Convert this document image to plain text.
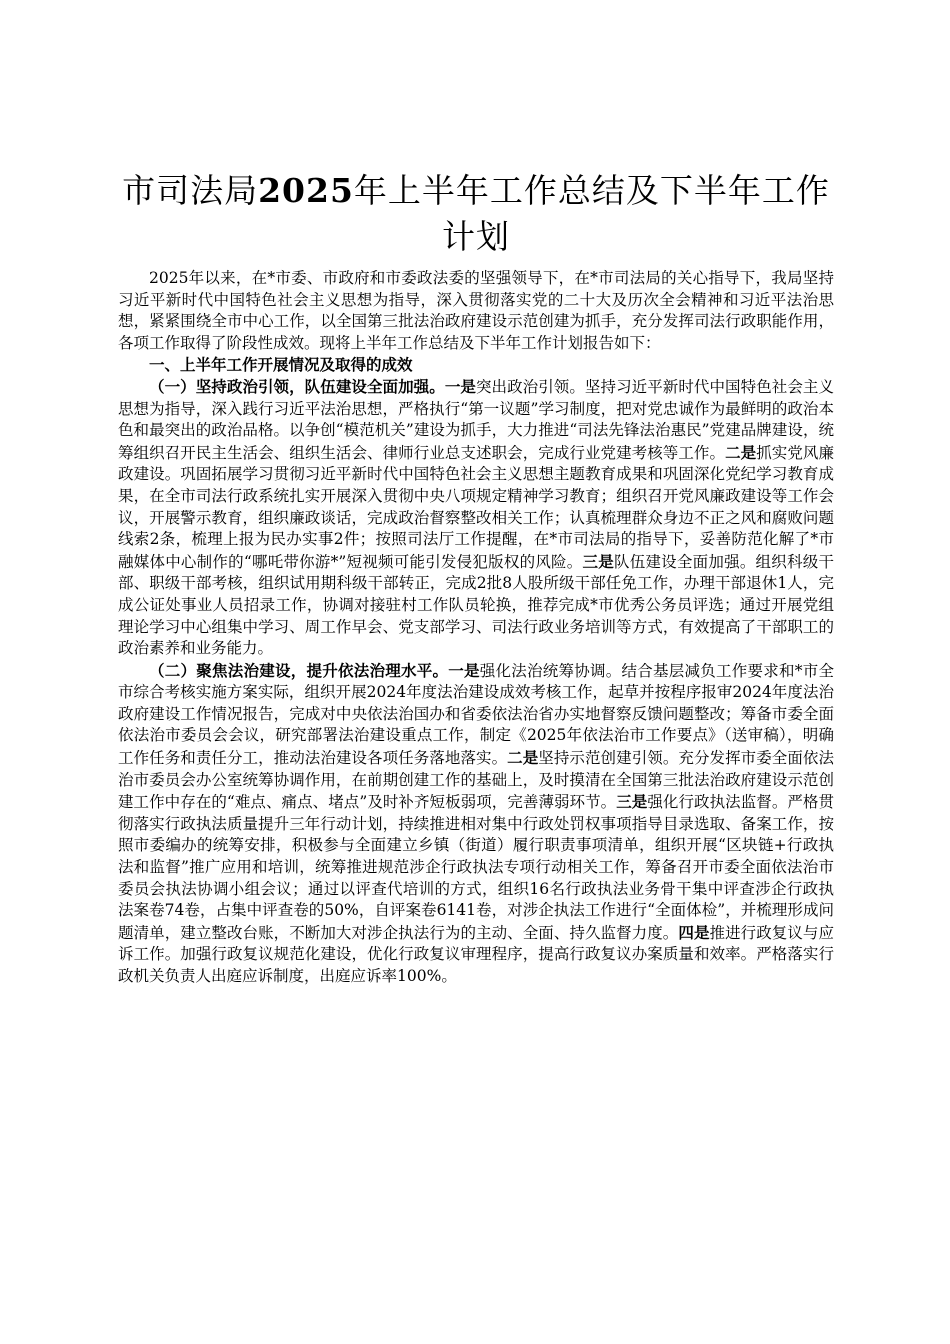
市司法局2025年上半年工作总结及下半年工作计划

2025年以来，在*市委、市政府和市委政法委的坚强领导下，在*市司法局的关心指导下，我局坚持习近平新时代中国特色社会主义思想为指导，深入贯彻落实党的二十大及历次全会精神和习近平法治思想，紧紧围绕全市中心工作，以全国第三批法治政府建设示范创建为抓手，充分发挥司法行政职能作用，各项工作取得了阶段性成效。现将上半年工作总结及下半年工作计划报告如下：

一、上半年工作开展情况及取得的成效

（一）坚持政治引领，队伍建设全面加强。一是突出政治引领。坚持习近平新时代中国特色社会主义思想为指导，深入践行习近平法治思想，严格执行“第一议题”学习制度，把对党忠诚作为最鲜明的政治本色和最突出的政治品格。以争创“模范机关”建设为抓手，大力推进“司法先锋法治惠民”党建品牌建设，统筹组织召开民主生活会、组织生活会、律师行业总支述职会，完成行业党建考核等工作。二是抓实党风廉政建设。巩固拓展学习贯彻习近平新时代中国特色社会主义思想主题教育成果和巩固深化党纪学习教育成果，在全市司法行政系统扎实开展深入贯彻中央八项规定精神学习教育；组织召开党风廉政建设等工作会议，开展警示教育，组织廉政谈话，完成政治督察整改相关工作；认真梳理群众身边不正之风和腐败问题线索2条，梳理上报为民办实事2件；按照司法厅工作提醒，在*市司法局的指导下，妥善防范化解了*市融媒体中心制作的“哪吒带你游*”短视频可能引发侵犯版权的风险。三是队伍建设全面加强。组织科级干部、职级干部考核，组织试用期科级干部转正，完成2批8人股所级干部任免工作，办理干部退休1人，完成公证处事业人员招录工作，协调对接驻村工作队员轮换，推荐完成*市优秀公务员评选；通过开展党组理论学习中心组集中学习、周工作早会、党支部学习、司法行政业务培训等方式，有效提高了干部职工的政治素养和业务能力。

（二）聚焦法治建设，提升依法治理水平。一是强化法治统筹协调。结合基层减负工作要求和*市全市综合考核实施方案实际，组织开展2024年度法治建设成效考核工作，起草并按程序报审2024年度法治政府建设工作情况报告，完成对中央依法治国办和省委依法治省办实地督察反馈问题整改；筹备市委全面依法治市委员会会议，研究部署法治建设重点工作，制定《2025年依法治市工作要点》（送审稿），明确工作任务和责任分工，推动法治建设各项任务落地落实。二是坚持示范创建引领。充分发挥市委全面依法治市委员会办公室统筹协调作用，在前期创建工作的基础上，及时摸清在全国第三批法治政府建设示范创建工作中存在的“难点、痛点、堵点”及时补齐短板弱项，完善薄弱环节。三是强化行政执法监督。严格贯彻落实行政执法质量提升三年行动计划，持续推进相对集中行政处罚权事项指导目录选取、备案工作，按照市委编办的统筹安排，积极参与全面建立乡镇（街道）履行职责事项清单，组织开展“区块链+行政执法和监督”推广应用和培训，统筹推进规范涉企行政执法专项行动相关工作，筹备召开市委全面依法治市委员会执法协调小组会议；通过以评查代培训的方式，组织16名行政执法业务骨干集中评查涉企行政执法案卷74卷，占集中评查卷的50%，自评案卷6141卷，对涉企执法工作进行“全面体检”，并梳理形成问题清单，建立整改台账，不断加大对涉企执法行为的主动、全面、持久监督力度。四是推进行政复议与应诉工作。加强行政复议规范化建设，优化行政复议审理程序，提高行政复议办案质量和效率。严格落实行政机关负责人出庭应诉制度，出庭应诉率100%。
